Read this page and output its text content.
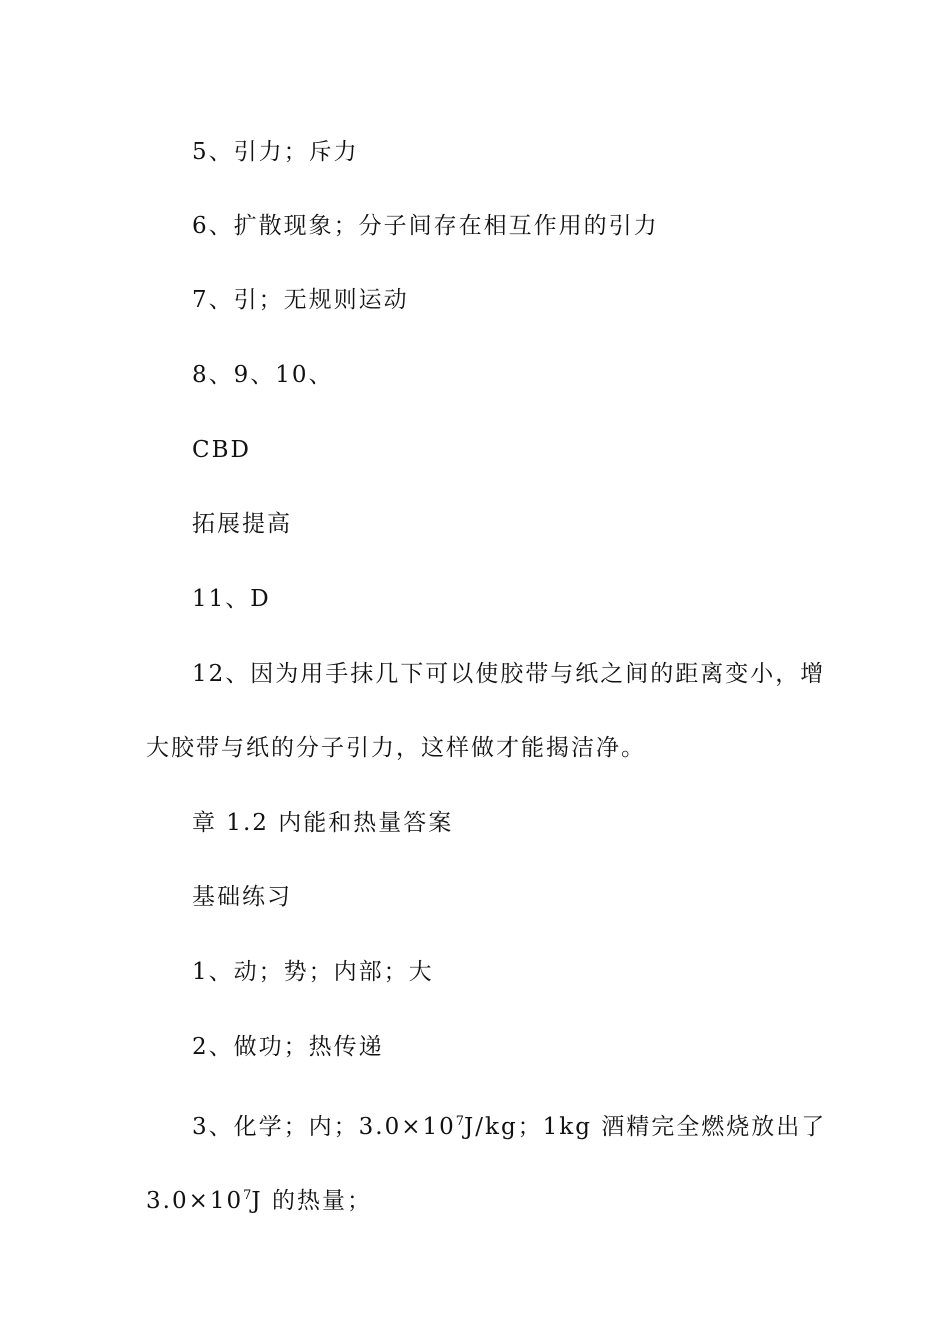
5、引力；斥力
6、扩散现象；分子间存在相互作用的引力
7、引；无规则运动
8、9、10、
CBD
拓展提高
11、D
12、因为用手抹几下可以使胶带与纸之间的距离变小，增
大胶带与纸的分子引力，这样做才能揭洁净。
章 1.2 内能和热量答案
基础练习
1、动；势；内部；大
2、做功；热传递
3、化学；内；$3.0\times 10^7J/kg$；1kg 酒精完全燃烧放出了
$3.0\times 10^7J$ 的热量；
